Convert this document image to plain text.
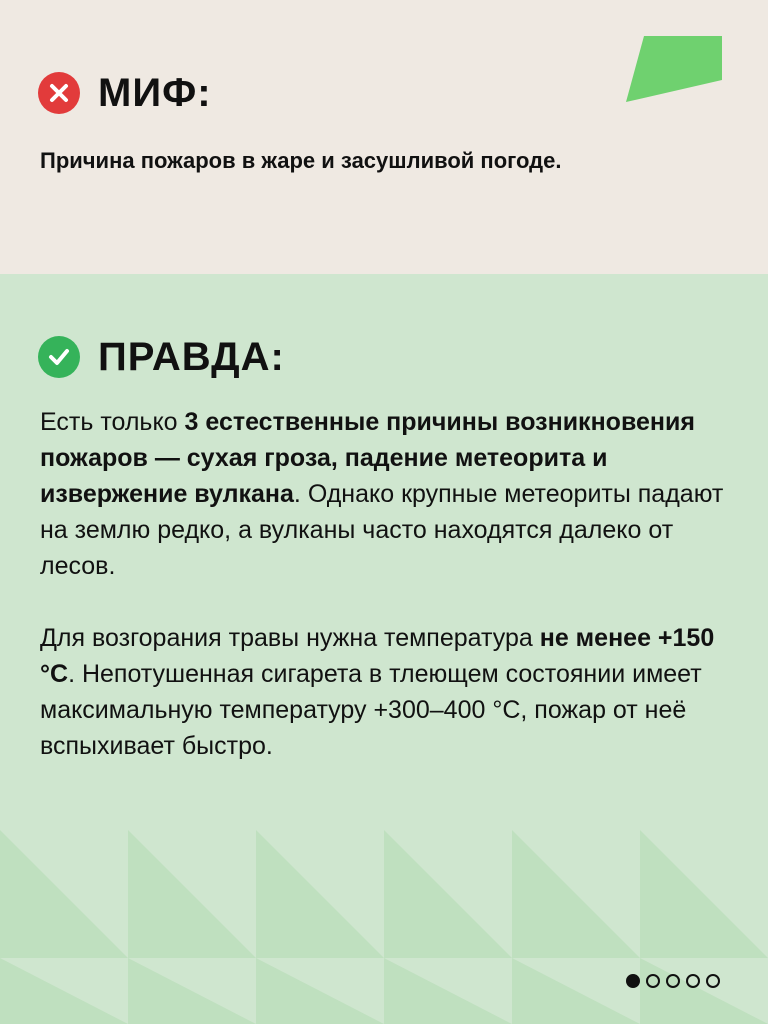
МИФ:
Причина пожаров в жаре и засушливой погоде.
ПРАВДА:

Есть только 3 естественные причины возникновения пожаров — сухая гроза, падение метеорита и извержение вулкана. Однако крупные метеориты падают на землю редко, а вулканы часто находятся далеко от лесов.

Для возгорания травы нужна температура не менее +150 °C. Непотушенная сигарета в тлеющем состоянии имеет максимальную температуру +300–400 °C, пожар от неё вспыхивает быстро.
